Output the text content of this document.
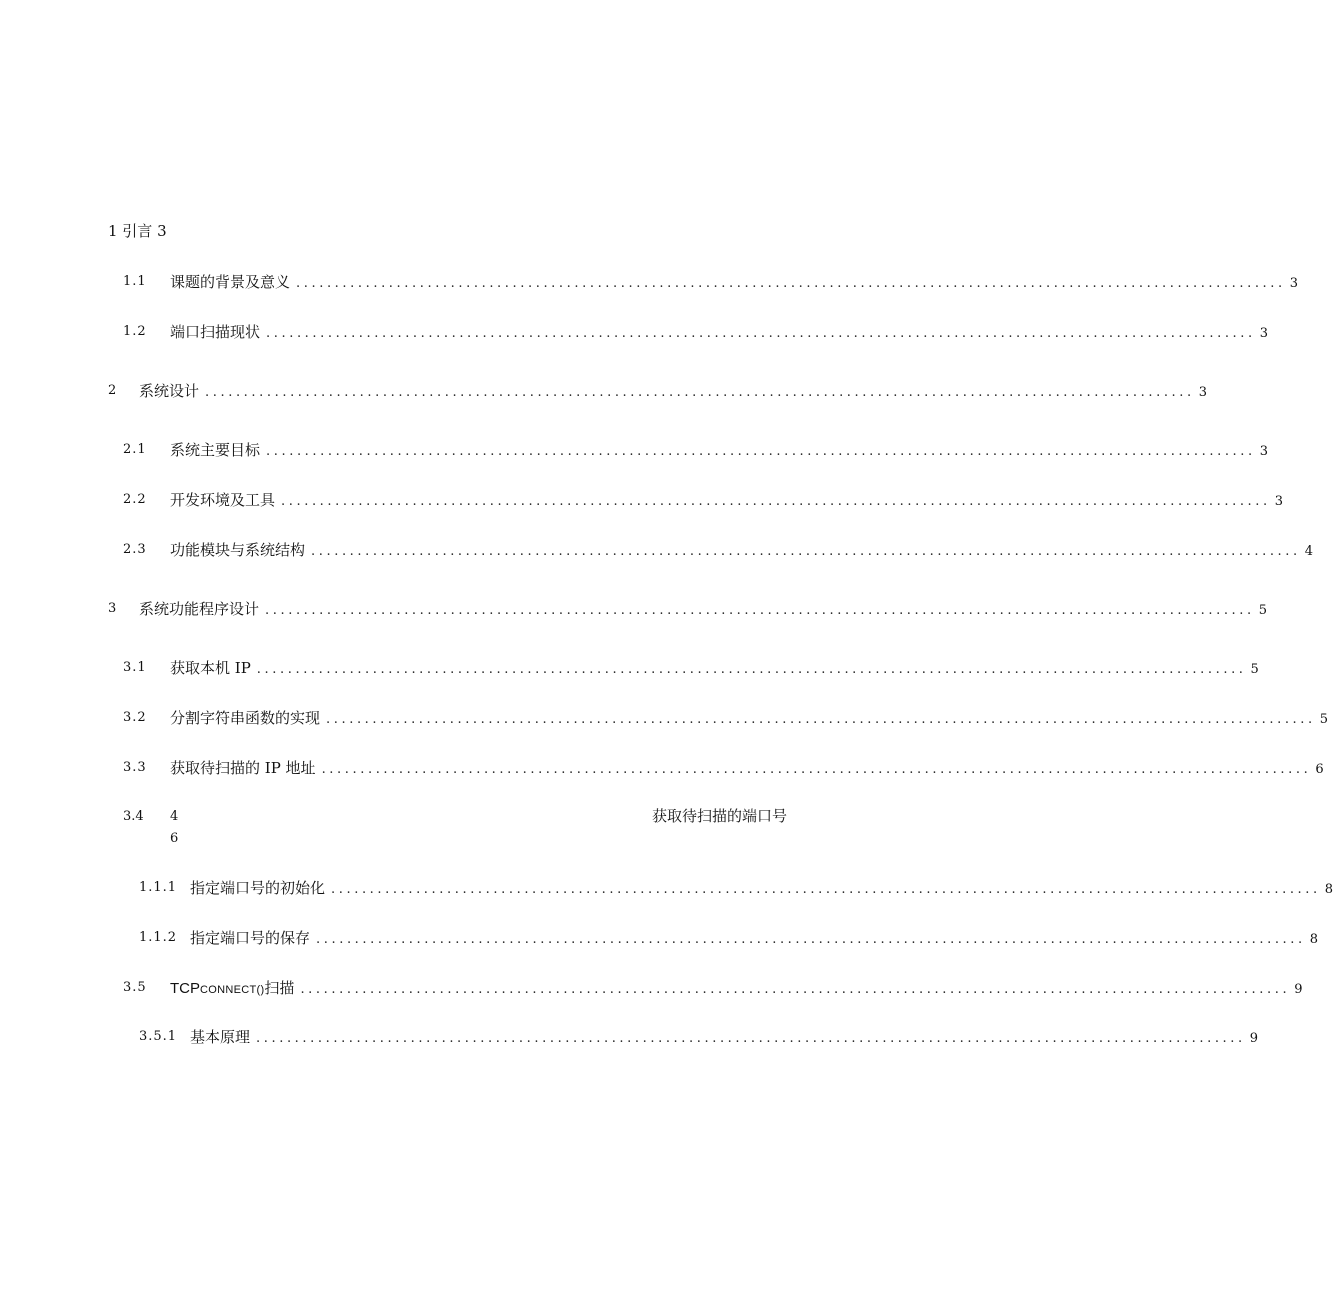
1 引言 3
1.1 课题的背景及意义 ................................................................................................................................ 3
1.2 端口扫描现状 ................................................................................................................................ 3
2 系统设计 ................................................................................................................................ 3
2.1 系统主要目标 ................................................................................................................................ 3
2.2 开发环境及工具 ................................................................................................................................ 3
2.3 功能模块与系统结构 ................................................................................................................................ 4
3 系统功能程序设计 ................................................................................................................................ 5
3.1 获取本机 IP ................................................................................................................................ 5
3.2 分割字符串函数的实现 ................................................................................................................................ 5
3.3 获取待扫描的 IP 地址 ................................................................................................................................ 6
3.4 4	获取待扫描的端口号
6
1.1.1 指定端口号的初始化 ................................................................................................................................ 8
1.1.2 指定端口号的保存 ................................................................................................................................ 8
3.5 TCPCONNECT()扫描 ................................................................................................................................ 9
3.5.1 基本原理 ................................................................................................................................ 9
